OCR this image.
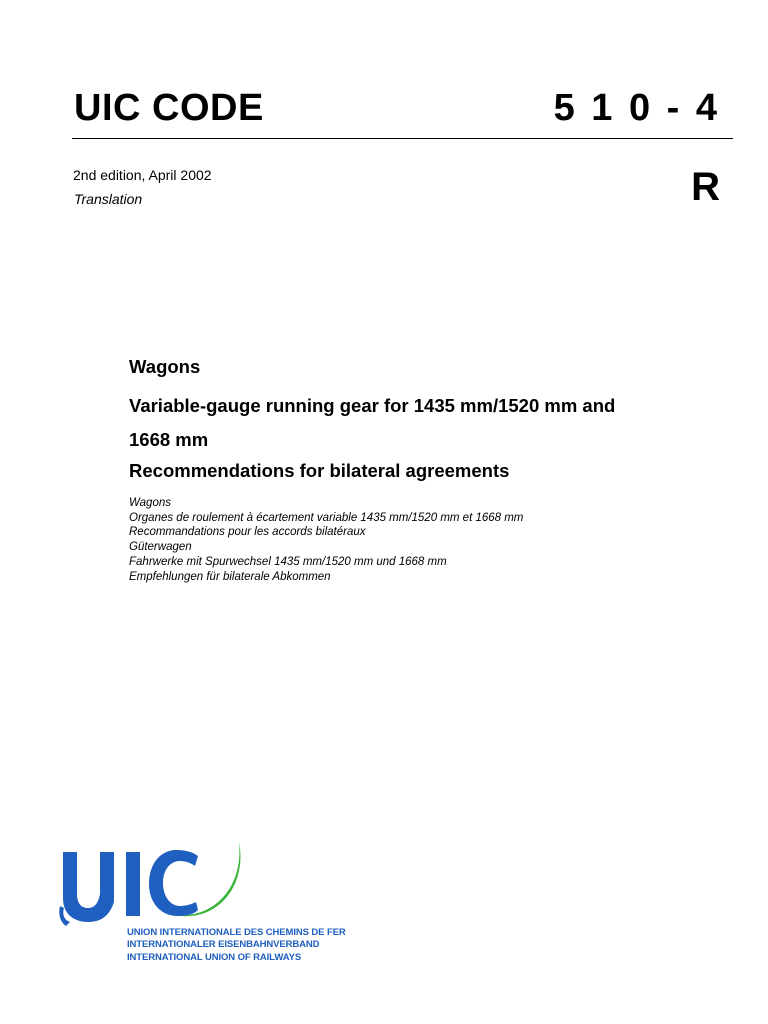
UIC CODE	5 1 0 - 4
2nd edition, April 2002
Translation	R
Wagons
Variable-gauge running gear for 1435 mm/1520 mm and
1668 mm
Recommendations for bilateral agreements
Wagons
Organes de roulement à écartement variable 1435 mm/1520 mm et 1668 mm
Recommandations pour les accords bilatéraux
Güterwagen
Fahrwerke mit Spurwechsel 1435 mm/1520 mm und 1668 mm
Empfehlungen für bilaterale Abkommen
UNION INTERNATIONALE DES CHEMINS DE FER
INTERNATIONALER EISENBAHNVERBAND
INTERNATIONAL UNION OF RAILWAYS
